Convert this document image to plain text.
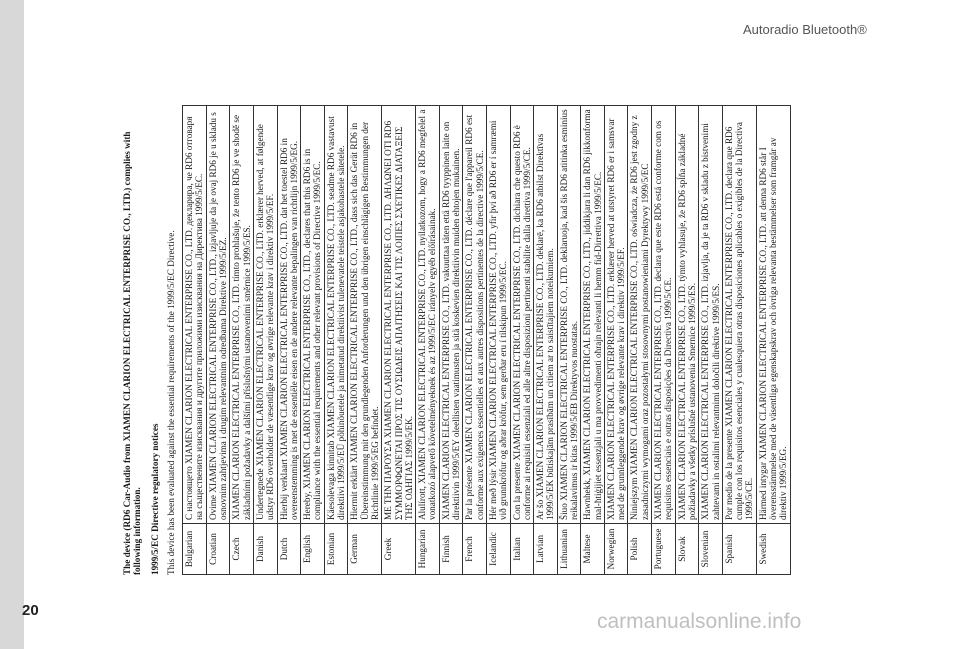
Autoradio Bluetooth®
20	carmanualsonline.info
The device (RD6 Car-Audio from XIAMEN CLARION ELECTRICAL ENTERPRISE CO., LTD.) complies with following information. 1999/5/EC Directive regulatory notices This device has been evaluated against the essential requirements of the 1999/5/EC Directive. Bulgarian	С настоящето XIAMEN CLARION ELECTRICAL ENTERPRISE CO., LTD. декларира, че RD6 отговаря на съществените изисквания и другите приложими изисквания на Директива 1999/5/ЕС.
Croatian	Ovime XIAMEN CLARION ELECTRICAL ENTERPRISE CO., LTD., izjavljuje da je ovaj RD6 je u skladu s osnovnim zahtjevima i drugim relevantnim odredbama Direktive 1999/5/EZ.
Czech	XIAMEN CLARION ELECTRICAL ENTERPRISE CO., LTD. tímto prohlašuje, že tento RD6 je ve shodě se základními požadavky a dalšími příslušnými ustanoveními směrnice 1999/5/ES.
Danish	Undertegnede XIAMEN CLARION ELECTRICAL ENTERPRISE CO., LTD. erklærer herved, at følgende udstyr RD6 overholder de væsentlige krav og øvrige relevante krav i direktiv 1999/5/EF.
Dutch	Hierbij verklaart XIAMEN CLARION ELECTRICAL ENTERPRISE CO., LTD. dat het toestel RD6 in overeenstemming is met de essentiële eisen en de andere relevante bepalingen van richtlijn 1999/5/EG.
English	Hereby, XIAMEN CLARION ELECTRICAL ENTERPRISE CO., LTD., declares that this RD6 is in compliance with the essential requirements and other relevant provisions of Directive 1999/5/EC.
Estonian	Käesolevaga kinnitab XIAMEN CLARION ELECTRICAL ENTERPRISE CO., LTD. seadme RD6 vastavust direktiivi 1999/5/EÜ põhinõuetele ja nimetatud direktiivist tulenevatele teistele asjakohastele sätetele.
German	Hiermit erklärt XIAMEN CLARION ELECTRICAL ENTERPRISE CO., LTD., dass sich das Gerät RD6 in Übereinstimmung mit den grundlegenden Anforderungen und den übrigen einschlägigen Bestimmungen der Richtlinie 1999/5/EG befindet.
Greek	ΜΕ ΤΗΝ ΠΑΡΟΥΣΑ XIAMEN CLARION ELECTRICAL ENTERPRISE CO., LTD. ΔΗΛΩΝΕΙ ΟΤΙ RD6 ΣΥΜΜΟΡΦΩΝΕΤΑΙ ΠΡΟΣ ΤΙΣ ΟΥΣΙΩΔΕΙΣ ΑΠΑΙΤΗΣΕΙΣ ΚΑΙ ΤΙΣ ΛΟΙΠΕΣ ΣΧΕΤΙΚΕΣ ΔΙΑΤΑΞΕΙΣ ΤΗΣ ΟΔΗΓΙΑΣ 1999/5/ΕΚ.
Hungarian	Alulírott, XIAMEN CLARION ELECTRICAL ENTERPRISE CO., LTD. nyilatkozom, hogy a RD6 megfelel a vonatkozó alapvető követelményeknek és az 1999/5/EC irányelv egyéb előírásainak.
Finnish	XIAMEN CLARION ELECTRICAL ENTERPRISE CO., LTD. vakuuttaa täten että RD6 tyyppinen laite on direktiivin 1999/5/EY oleellisten vaatimusten ja sitä koskevien direktiivin muiden ehtojen mukainen.
French	Par la présente XIAMEN CLARION ELECTRICAL ENTERPRISE CO., LTD. déclare que l'appareil RD6 est conforme aux exigences essentielles et aux autres dispositions pertinentes de la directive 1999/5/CE.
Icelandic	Hér með lýsir XIAMEN CLARION ELECTRICAL ENTERPRISE CO., LTD. yfir því að RD6 er í samræmi við grunnkröfur og aðrar kröfur, sem gerðar eru í tilskipun 1999/5/EC.
Italian	Con la presente XIAMEN CLARION ELECTRICAL ENTERPRISE CO., LTD. dichiara che questo RD6 è conforme ai requisiti essenziali ed alle altre disposizioni pertinenti stabilite dalla direttiva 1999/5/CE.
Latvian	Ar šo XIAMEN CLARION ELECTRICAL ENTERPRISE CO., LTD. deklarē, ka RD6 atbilst Direktīvas 1999/5/EK būtiskajām prasībām un citiem ar to saistītajiem noteikumiem.
Lithuanian	Šiuo XIAMEN CLARION ELECTRICAL ENTERPRISE CO., LTD. deklaruoja, kad šis RD6 atitinka esminius reikalavimus ir kitas 1999/5/EB Direktyvos nuostatas.
Maltese	Hawnhekk, XIAMEN CLARION ELECTRICAL ENTERPRISE CO., LTD., jiddikjara li dan RD6 jikkonforma mal-ħtiġijiet essenzjali u ma provvedimenti oħrajn relevanti li hemm fid-Dirrettiva 1999/5/EC.
Norwegian	XIAMEN CLARION ELECTRICAL ENTERPRISE CO., LTD. erklærer herved at utstyret RD6 er i samsvar med de grunnleggende krav og øvrige relevante krav i direktiv 1999/5/EF.
Polish	Niniejszym XIAMEN CLARION ELECTRICAL ENTERPRISE CO., LTD. oświadcza, że RD6 jest zgodny z zasadniczymi wymogami oraz pozostałymi stosownymi postanowieniami Dyrektywy 1999/5/EC
Portuguese	XIAMEN CLARION ELECTRICAL ENTERPRISE CO., LTD. declara que este RD6 está conforme com os requisitos essenciais e outras disposições da Directiva 1999/5/CE.
Slovak	XIAMEN CLARION ELECTRICAL ENTERPRISE CO., LTD. týmto vyhlasuje, že RD6 spĺňa základné požiadavky a všetky príslušné ustanovenia Smernice 1999/5/ES.
Slovenian	XIAMEN CLARION ELECTRICAL ENTERPRISE CO., LTD. izjavlja, da je ta RD6 v skladu z bistvenimi zahtevami in ostalimi relevantnimi določili direktive 1999/5/ES.
Spanish	Por medio de la presente XIAMEN CLARION ELECTRICAL ENTERPRISE CO., LTD. declara que RD6 cumple con los requisitos esenciales y cualesquiera otras disposiciones aplicables o exigibles de la Directiva 1999/5/CE.
Swedish	Härmed intygar XIAMEN CLARION ELECTRICAL ENTERPRISE CO., LTD. att denna RD6 står I överensstämmelse med de väsentliga egenskapskrav och övriga relevanta bestämmelser som framgår av direktiv 1999/5/EG.
